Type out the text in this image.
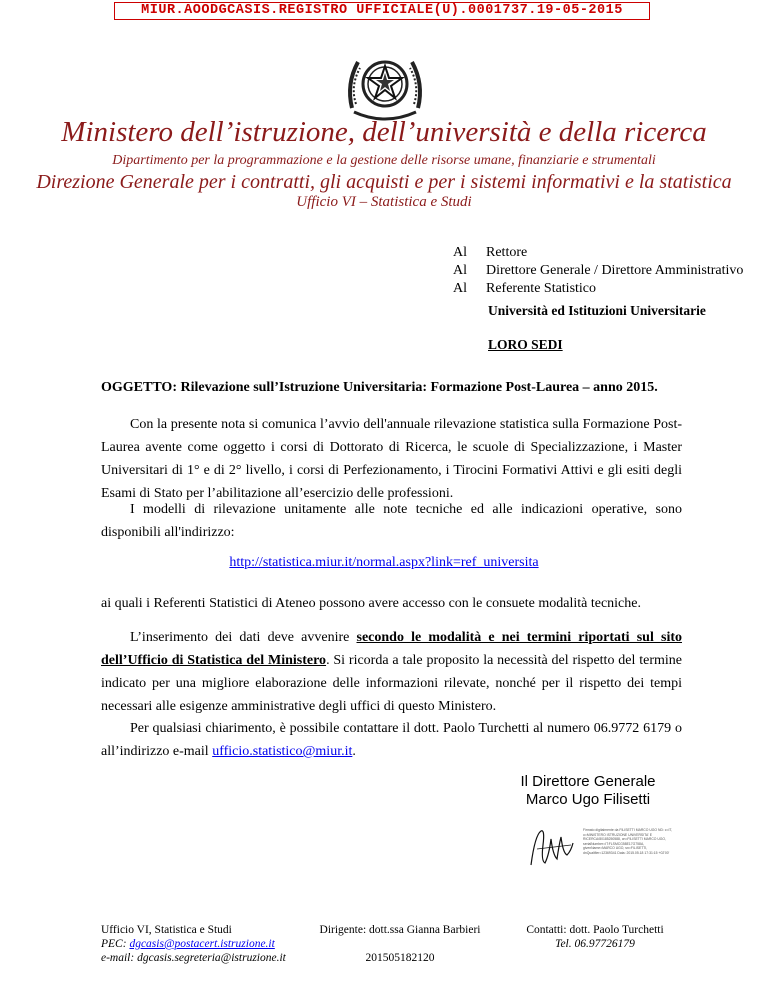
MIUR.AOODGCASIS.REGISTRO UFFICIALE(U).0001737.19-05-2015
Ministero dell’istruzione, dell’università e della ricerca
Dipartimento per la programmazione e la gestione delle risorse umane, finanziarie e strumentali
Direzione Generale per i contratti, gli acquisti e per i sistemi informativi e la statistica
Ufficio VI – Statistica e Studi
Al Rettore
Al Direttore Generale / Direttore Amministrativo
Al Referente Statistico
Università ed Istituzioni Universitarie
LORO SEDI
OGGETTO: Rilevazione sull’Istruzione Universitaria: Formazione Post-Laurea – anno 2015.
Con la presente nota si comunica l’avvio dell'annuale rilevazione statistica sulla Formazione Post-Laurea avente come oggetto i corsi di Dottorato di Ricerca, le scuole di Specializzazione, i Master Universitari di 1° e di 2° livello, i corsi di Perfezionamento, i Tirocini Formativi Attivi e gli esiti degli Esami di Stato per l’abilitazione all’esercizio delle professioni.
I modelli di rilevazione unitamente alle note tecniche ed alle indicazioni operative, sono disponibili all'indirizzo:
http://statistica.miur.it/normal.aspx?link=ref_universita
ai quali i Referenti Statistici di Ateneo possono avere accesso con le consuete modalità tecniche.
L’inserimento dei dati deve avvenire secondo le modalità e nei termini riportati sul sito dell’Ufficio di Statistica del Ministero. Si ricorda a tale proposito la necessità del rispetto del termine indicato per una migliore elaborazione delle informazioni rilevate, nonché per il rispetto dei tempi necessari alle esigenze amministrative degli uffici di questo Ministero.
Per qualsiasi chiarimento, è possibile contattare il dott. Paolo Turchetti al numero 06.9772 6179 o all’indirizzo e-mail ufficio.statistico@miur.it.
Il Direttore Generale
Marco Ugo Filisetti
Firmato digitalmente da FILISETTI MARCO UGO ND: c=IT, o=MINISTERO ISTRUZIONE UNIVERSITA' E RICERCA/80185250588, cn=FILISETTI MARCO UGO, serialNumber=IT:FLSMCG58E17G758A, givenName=MARCO UGO, sn=FILISETTI, dnQualifier=12369341 Data: 2015.05.18 17:31:15 +02'00'
Ufficio VI, Statistica e Studi
PEC: dgcasis@postacert.istruzione.it
e-mail: dgcasis.segreteria@istruzione.it
Dirigente: dott.ssa Gianna Barbieri
201505182120
Contatti: dott. Paolo Turchetti
Tel. 06.97726179
